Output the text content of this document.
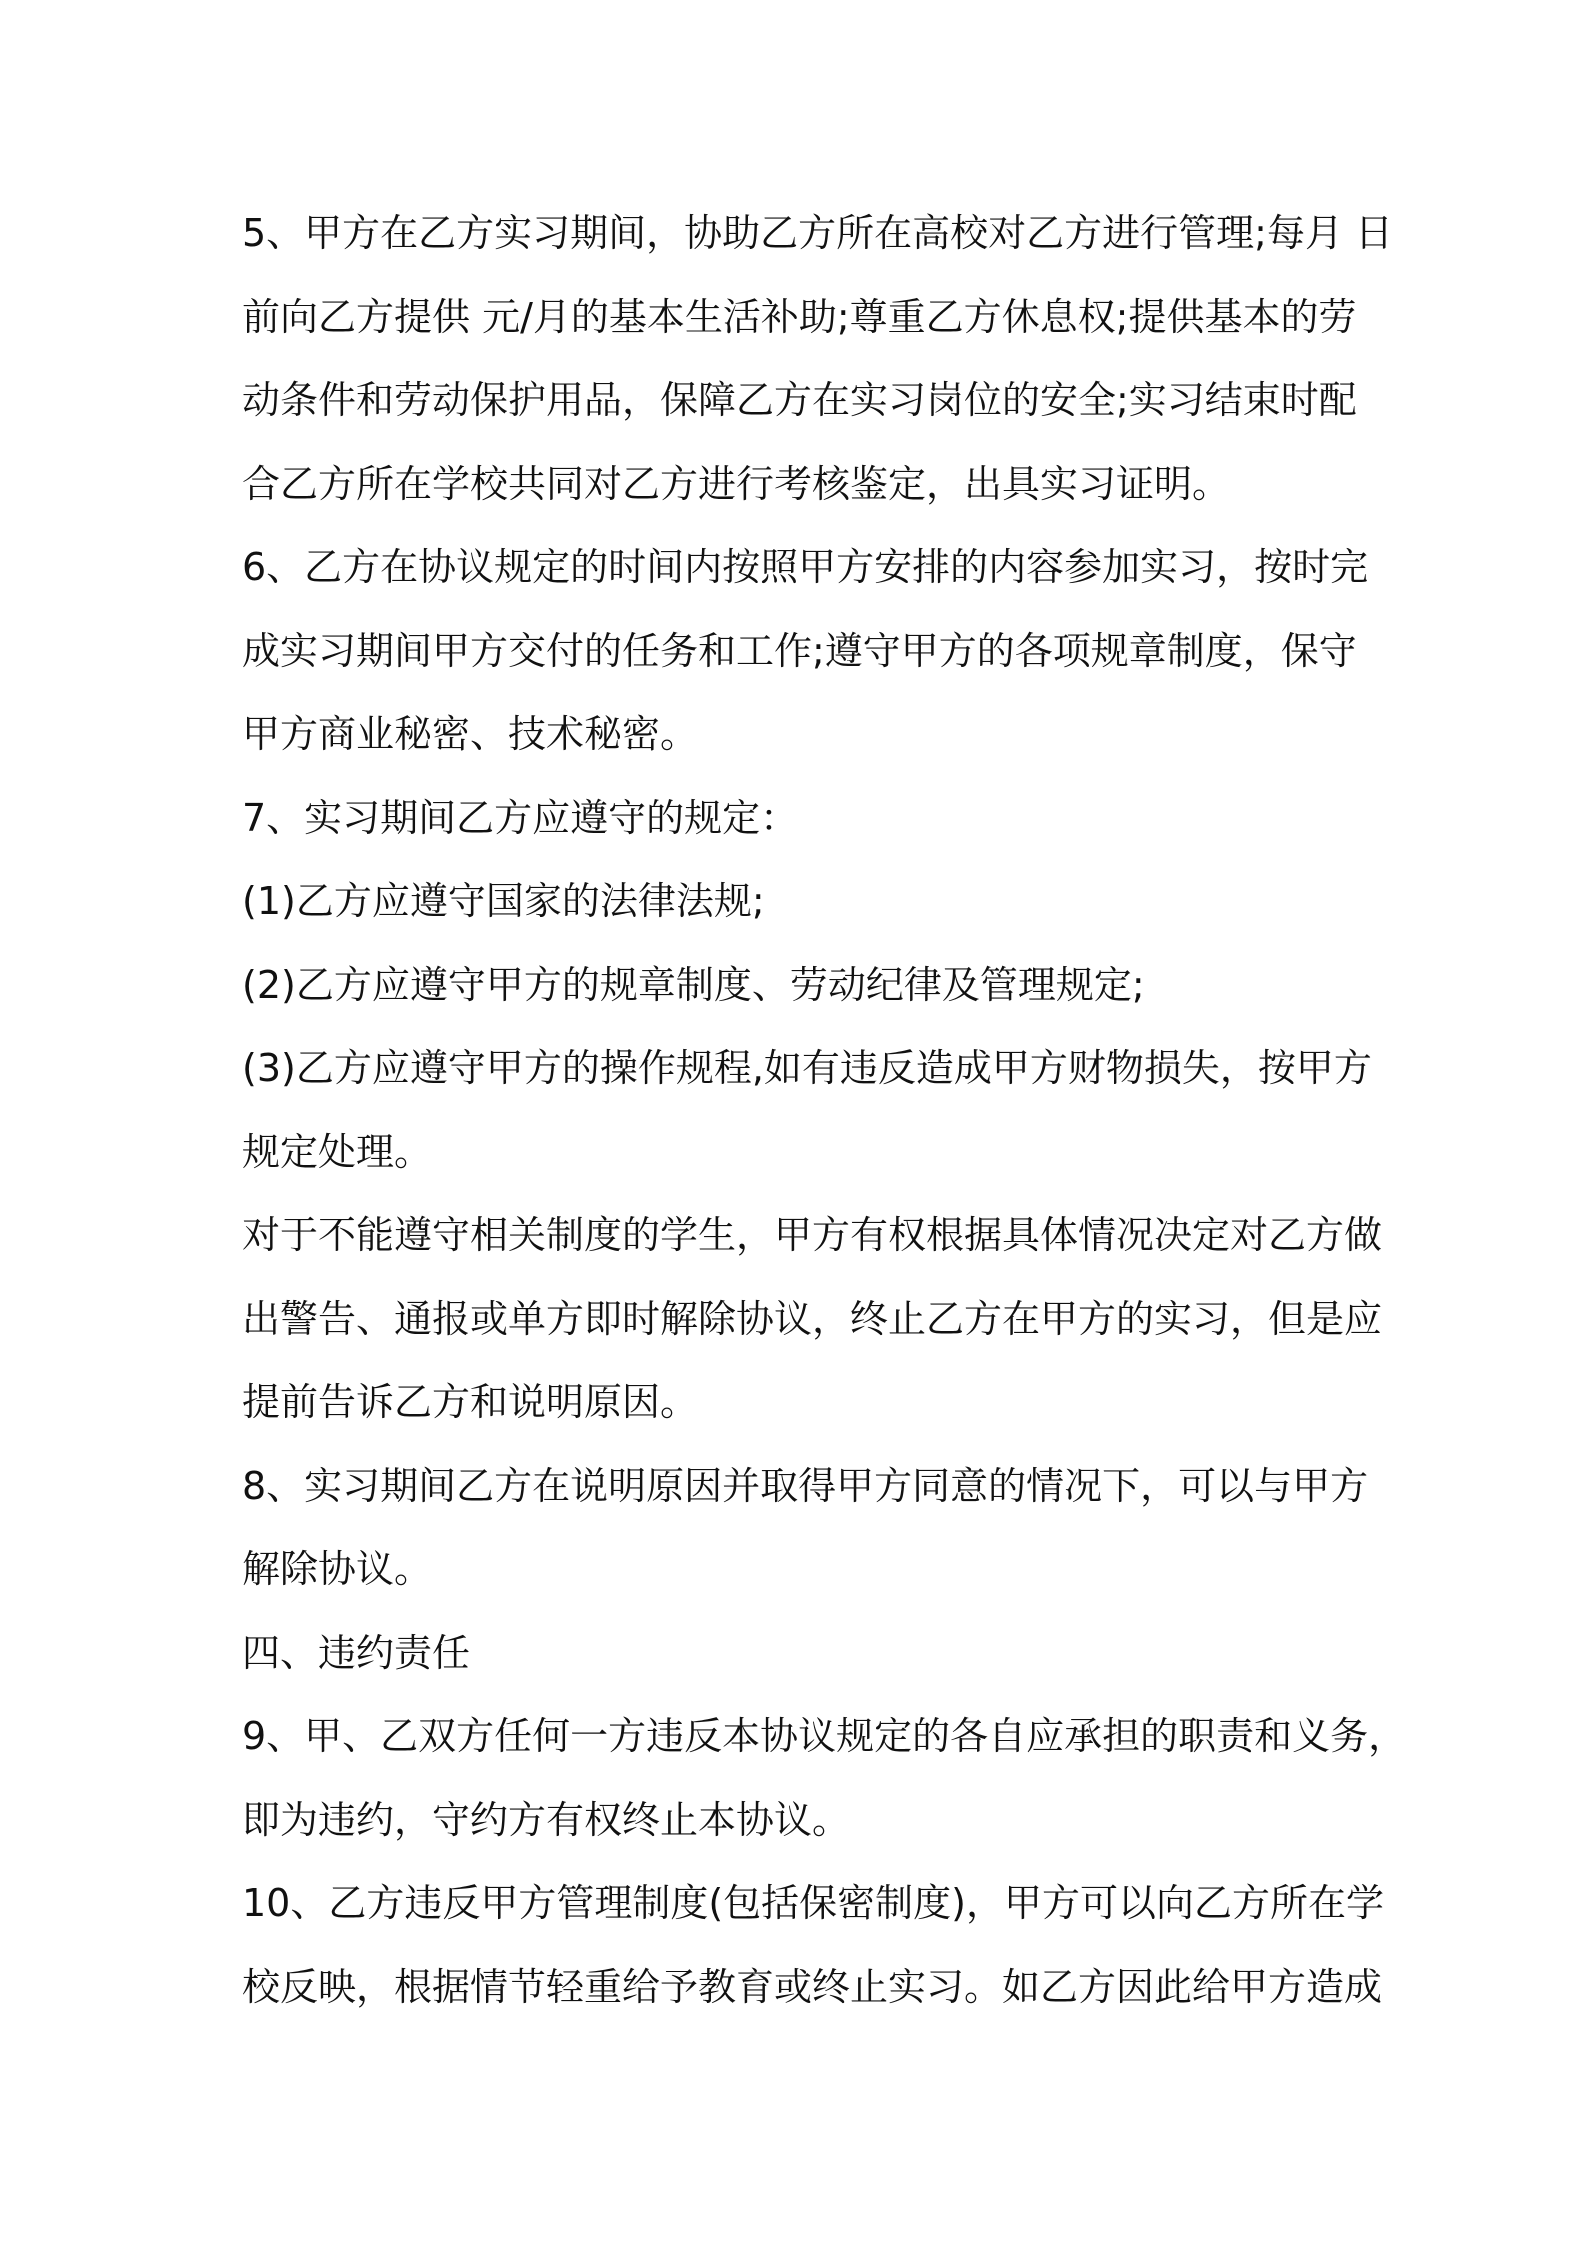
5、甲方在乙方实习期间，协助乙方所在高校对乙方进行管理;每月 日
前向乙方提供 元/月的基本生活补助;尊重乙方休息权;提供基本的劳
动条件和劳动保护用品，保障乙方在实习岗位的安全;实习结束时配
合乙方所在学校共同对乙方进行考核鉴定，出具实习证明。
6、乙方在协议规定的时间内按照甲方安排的内容参加实习，按时完
成实习期间甲方交付的任务和工作;遵守甲方的各项规章制度，保守
甲方商业秘密、技术秘密。
7、实习期间乙方应遵守的规定：
(1)乙方应遵守国家的法律法规;
(2)乙方应遵守甲方的规章制度、劳动纪律及管理规定;
(3)乙方应遵守甲方的操作规程,如有违反造成甲方财物损失，按甲方
规定处理。
对于不能遵守相关制度的学生，甲方有权根据具体情况决定对乙方做
出警告、通报或单方即时解除协议，终止乙方在甲方的实习，但是应
提前告诉乙方和说明原因。
8、实习期间乙方在说明原因并取得甲方同意的情况下，可以与甲方
解除协议。
四、违约责任
9、甲、乙双方任何一方违反本协议规定的各自应承担的职责和义务，
即为违约，守约方有权终止本协议。
10、乙方违反甲方管理制度(包括保密制度)，甲方可以向乙方所在学
校反映，根据情节轻重给予教育或终止实习。如乙方因此给甲方造成
